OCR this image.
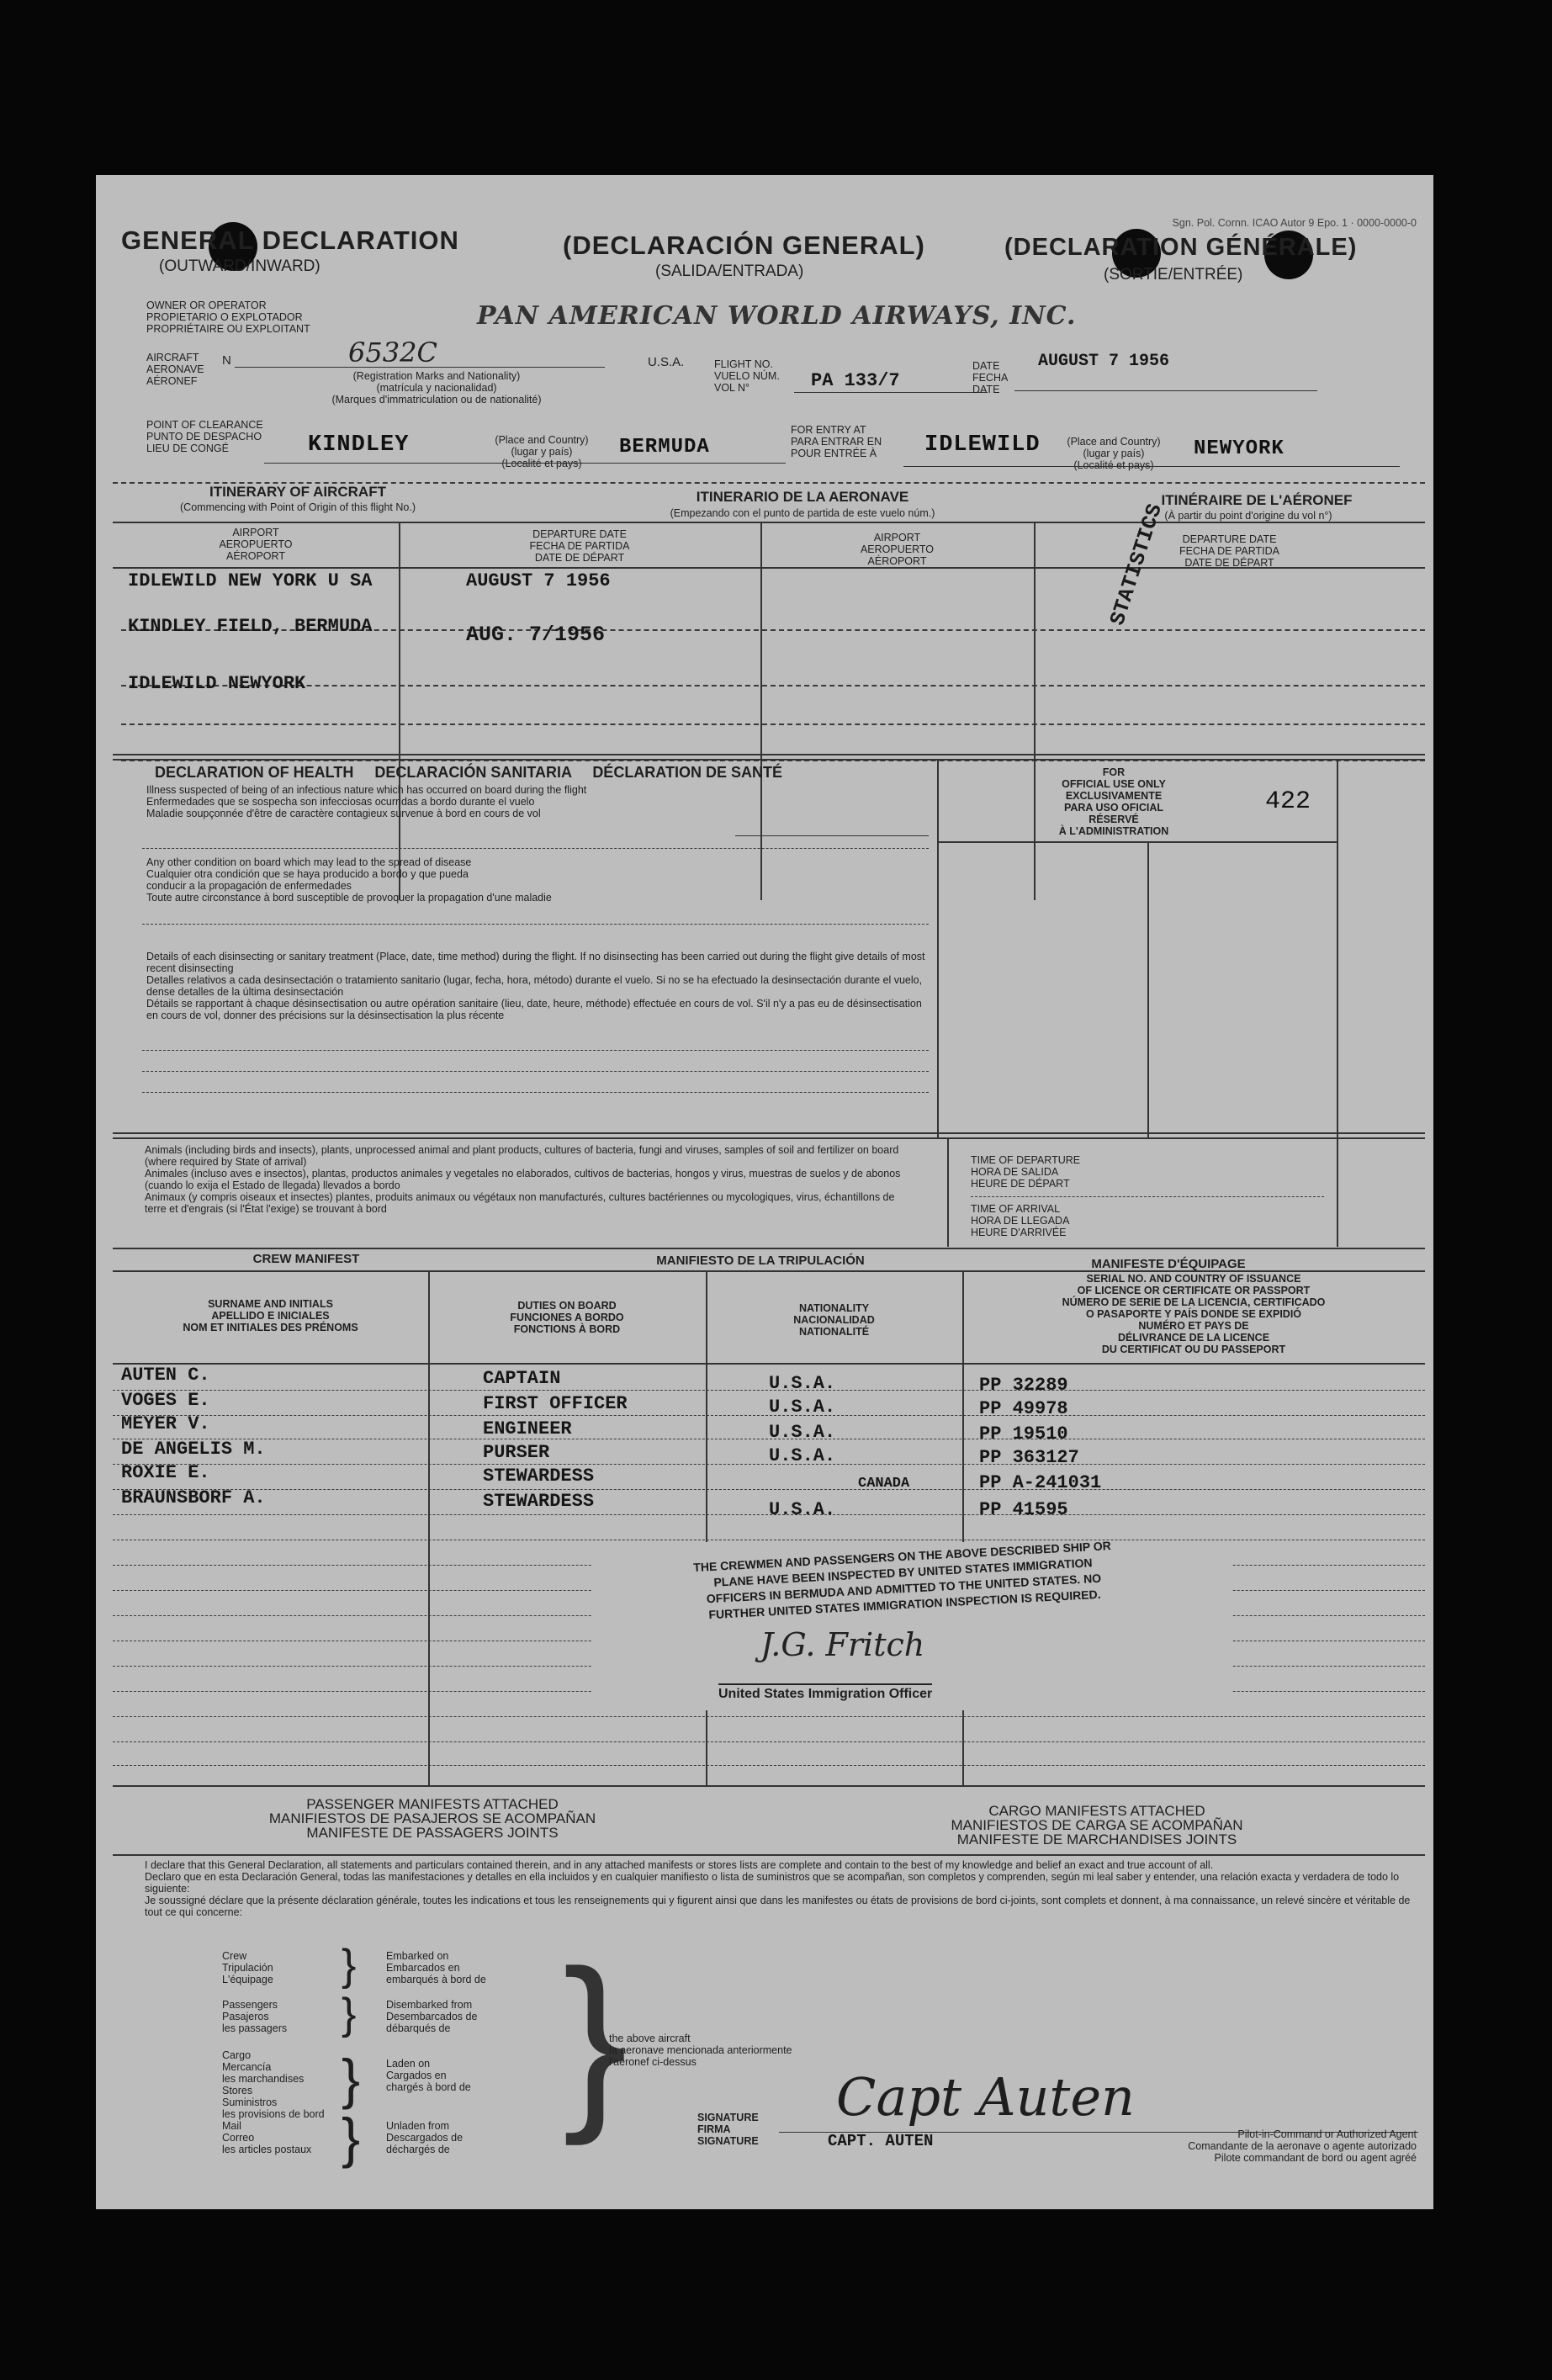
Sgn. Pol. Cornn. ICAO Autor 9 Epo. 1 · 0000-0000-0
GENERAL DECLARATION
(OUTWARD/INWARD)
(DECLARACIÓN GENERAL)
(SALIDA/ENTRADA)
(DECLARATION GÉNÉRALE)
(SORTIE/ENTRÉE)
OWNER OR OPERATOR
PROPIETARIO O EXPLOTADOR
PROPRIÉTAIRE OU EXPLOITANT	PAN AMERICAN WORLD AIRWAYS, INC.
AIRCRAFT
AERONAVE
AÉRONEF
N	6532C
(Registration Marks and Nationality)
(matrícula y nacionalidad)
(Marques d'immatriculation ou de nationalité)
U.S.A.	FLIGHT NO.
VUELO NÚM.
VOL N°	PA 133/7
DATE
FECHA
DATE
AUGUST 7 1956
POINT OF CLEARANCE
PUNTO DE DESPACHO
LIEU DE CONGÉ	KINDLEY	(Place and Country)
(lugar y país)
(Localité et pays)
BERMUDA
FOR ENTRY AT
PARA ENTRAR EN
POUR ENTRÉE À IDLEWILD	(Place and Country)
(lugar y país)
(Localité et pays)
NEWYORK
ITINERARY OF AIRCRAFT
(Commencing with Point of Origin of this flight No.)
ITINERARIO DE LA AERONAVE
(Empezando con el punto de partida de este vuelo núm.)
ITINÉRAIRE DE L'AÉRONEF
(À partir du point d'origine du vol n°)
AIRPORT
AEROPUERTO
AÉROPORT
DEPARTURE DATE
FECHA DE PARTIDA
DATE DE DÉPART
AIRPORT
AEROPUERTO
AÉROPORT
DEPARTURE DATE
FECHA DE PARTIDA
DATE DE DÉPART
IDLEWILD NEW YORK U SA	AUGUST 7 1956
KINDLEY FIELD, BERMUDA	AUG. 7/1956
IDLEWILD NEWYORK
STATISTICS
DECLARATION OF HEALTH     DECLARACIÓN SANITARIA     DÉCLARATION DE SANTÉ
Illness suspected of being of an infectious nature which has occurred on board during the flight
Enfermedades que se sospecha son infecciosas ocurridas a bordo durante el vuelo
Maladie soupçonnée d'être de caractère contagieux survenue à bord en cours de vol
Any other condition on board which may lead to the spread of disease
Cualquier otra condición que se haya producido a bordo y que pueda
conducir a la propagación de enfermedades
Toute autre circonstance à bord susceptible de provoquer la propagation d'une maladie
Details of each disinsecting or sanitary treatment (Place, date, time method) during the flight. If no disinsecting has been carried out during the flight give details of most recent disinsecting
Detalles relativos a cada desinsectación o tratamiento sanitario (lugar, fecha, hora, método) durante el vuelo. Si no se ha efectuado la desinsectación durante el vuelo, dense detalles de la última desinsectación
Détails se rapportant à chaque désinsectisation ou autre opération sanitaire (lieu, date, heure, méthode) effectuée en cours de vol. S'il n'y a pas eu de désinsectisation en cours de vol, donner des précisions sur la désinsectisation la plus récente
FOR
OFFICIAL USE ONLY
EXCLUSIVAMENTE
PARA USO OFICIAL
RÉSERVÉ
À L'ADMINISTRATION
422
Animals (including birds and insects), plants, unprocessed animal and plant products, cultures of bacteria, fungi and viruses, samples of soil and fertilizer on board (where required by State of arrival)
Animales (incluso aves e insectos), plantas, productos animales y vegetales no elaborados, cultivos de bacterias, hongos y virus, muestras de suelos y de abonos (cuando lo exija el Estado de llegada) llevados a bordo
Animaux (y compris oiseaux et insectes) plantes, produits animaux ou végétaux non manufacturés, cultures bactériennes ou mycologiques, virus, échantillons de terre et d'engrais (si l'État l'exige) se trouvant à bord
TIME OF DEPARTURE
HORA DE SALIDA
HEURE DE DÉPART
TIME OF ARRIVAL
HORA DE LLEGADA
HEURE D'ARRIVÉE
CREW MANIFEST	MANIFIESTO DE LA TRIPULACIÓN	MANIFESTE D'ÉQUIPAGE
SURNAME AND INITIALS
APELLIDO E INICIALES
NOM ET INITIALES DES PRÉNOMS
DUTIES ON BOARD
FUNCIONES A BORDO
FONCTIONS À BORD
NATIONALITY
NACIONALIDAD
NATIONALITÉ
SERIAL NO. AND COUNTRY OF ISSUANCE
OF LICENCE OR CERTIFICATE OR PASSPORT
NÚMERO DE SERIE DE LA LICENCIA, CERTIFICADO
O PASAPORTE Y PAÍS DONDE SE EXPIDIÓ
NUMÉRO ET PAYS DE
DÉLIVRANCE DE LA LICENCE
DU CERTIFICAT OU DU PASSEPORT
AUTEN C.	CAPTAIN	U.S.A.	PP 32289
VOGES E.	FIRST OFFICER	U.S.A.	PP 49978
MEYER V.	ENGINEER	U.S.A.	PP 19510
DE ANGELIS M.	PURSER	U.S.A.	PP 363127
ROXIE E.	STEWARDESS	CANADA	PP A-241031
BRAUNSBORF A.	STEWARDESS	U.S.A.	PP 41595
THE CREWMEN AND PASSENGERS ON THE ABOVE DESCRIBED SHIP OR
PLANE HAVE BEEN INSPECTED BY UNITED STATES IMMIGRATION
OFFICERS IN BERMUDA AND ADMITTED TO THE UNITED STATES. NO
FURTHER UNITED STATES IMMIGRATION INSPECTION IS REQUIRED.
J.G. Fritch
United States Immigration Officer
PASSENGER MANIFESTS ATTACHED
MANIFIESTOS DE PASAJEROS SE ACOMPAÑAN
MANIFESTE DE PASSAGERS JOINTS
CARGO MANIFESTS ATTACHED
MANIFIESTOS DE CARGA SE ACOMPAÑAN
MANIFESTE DE MARCHANDISES JOINTS
I declare that this General Declaration, all statements and particulars contained therein, and in any attached manifests or stores lists are complete and contain to the best of my knowledge and belief an exact and true account of all.
Declaro que en esta Declaración General, todas las manifestaciones y detalles en ella incluidos y en cualquier manifiesto o lista de suministros que se acompañan, son completos y comprenden, según mi leal saber y entender, una relación exacta y verdadera de todo lo siguiente:
Je soussigné déclare que la présente déclaration générale, toutes les indications et tous les renseignements qui y figurent ainsi que dans les manifestes ou états de provisions de bord ci-joints, sont complets et donnent, à ma connaissance, un relevé sincère et véritable de tout ce qui concerne:
Crew
Tripulación
L'équipage }	Embarked on
Embarcados en
embarqués à bord de
Passengers
Pasajeros
les passagers }	Disembarked from
Desembarcados de
débarqués de
Cargo
Mercancía
les marchandises
Stores
Suministros
les provisions de bord
Mail
Correo
les articles postaux
} Laden on
Cargados en
chargés à bord de
} Unladen from
Descargados de
déchargés de
}
the above aircraft
la aeronave mencionada anteriormente
l'aéronef ci-dessus
Capt Auten
SIGNATURE
FIRMA
SIGNATURE	CAPT. AUTEN	Pilot-in-Command or Authorized Agent
Comandante de la aeronave o agente autorizado
Pilote commandant de bord ou agent agréé
